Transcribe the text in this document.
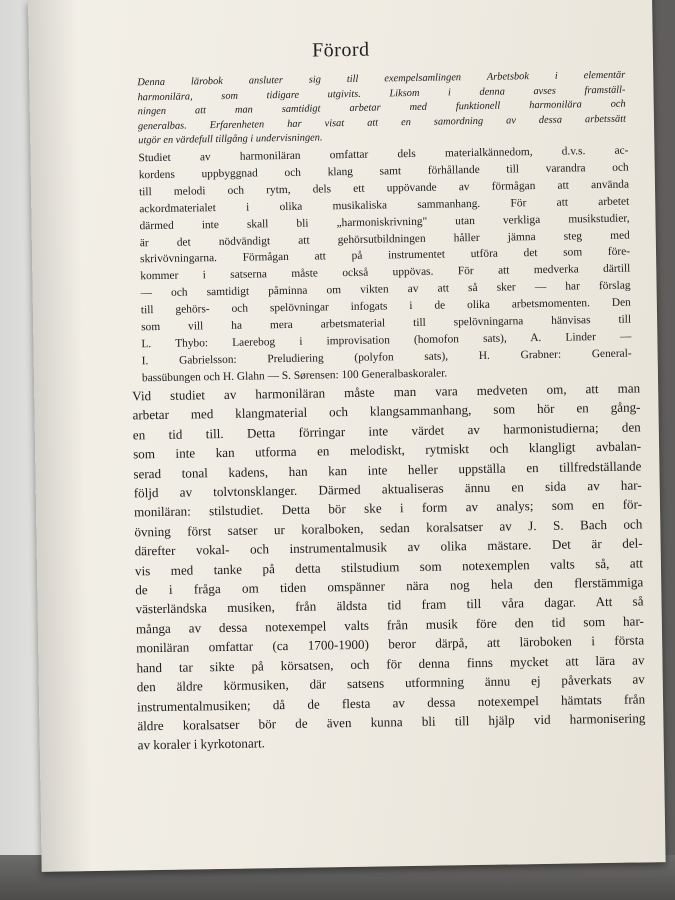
Förord
Denna lärobok ansluter sig till exempelsamlingen Arbetsbok i elementär
harmonilära, som tidigare utgivits. Liksom i denna avses framställ-
ningen att man samtidigt arbetar med funktionell harmonilära och
generalbas. Erfarenheten har visat att en samordning av dessa arbetssätt
utgör en värdefull tillgång i undervisningen.
Studiet av harmoniläran omfattar dels materialkännedom, d.v.s. ac-
kordens uppbyggnad och klang samt förhållande till varandra och
till melodi och rytm, dels ett uppövande av förmågan att använda
ackordmaterialet i olika musikaliska sammanhang. För att arbetet
därmed inte skall bli „harmoniskrivning" utan verkliga musikstudier,
är det nödvändigt att gehörsutbildningen håller jämna steg med
skrivövningarna. Förmågan att på instrumentet utföra det som före-
kommer i satserna måste också uppövas. För att medverka därtill
— och samtidigt påminna om vikten av att så sker — har förslag
till gehörs- och spelövningar infogats i de olika arbetsmomenten. Den
som vill ha mera arbetsmaterial till spelövningarna hänvisas till
L. Thybo: Laerebog i improvisation (homofon sats), A. Linder —
I. Gabrielsson: Preludiering (polyfon sats), H. Grabner: General-
bassübungen och H. Glahn — S. Sørensen: 100 Generalbaskoraler.
Vid studiet av harmoniläran måste man vara medveten om, att man
arbetar med klangmaterial och klangsammanhang, som hör en gång-
en tid till. Detta förringar inte värdet av harmonistudierna; den
som inte kan utforma en melodiskt, rytmiskt och klangligt avbalan-
serad tonal kadens, han kan inte heller uppställa en tillfredställande
följd av tolvtonsklanger. Därmed aktualiseras ännu en sida av har-
moniläran: stilstudiet. Detta bör ske i form av analys; som en för-
övning först satser ur koralboken, sedan koralsatser av J. S. Bach och
därefter vokal- och instrumentalmusik av olika mästare. Det är del-
vis med tanke på detta stilstudium som notexemplen valts så, att
de i fråga om tiden omspänner nära nog hela den flerstämmiga
västerländska musiken, från äldsta tid fram till våra dagar. Att så
många av dessa notexempel valts från musik före den tid som har-
moniläran omfattar (ca 1700-1900) beror därpå, att läroboken i första
hand tar sikte på körsatsen, och för denna finns mycket att lära av
den äldre körmusiken, där satsens utformning ännu ej påverkats av
instrumentalmusiken; då de flesta av dessa notexempel hämtats från
äldre koralsatser bör de även kunna bli till hjälp vid harmonisering
av koraler i kyrkotonart.
